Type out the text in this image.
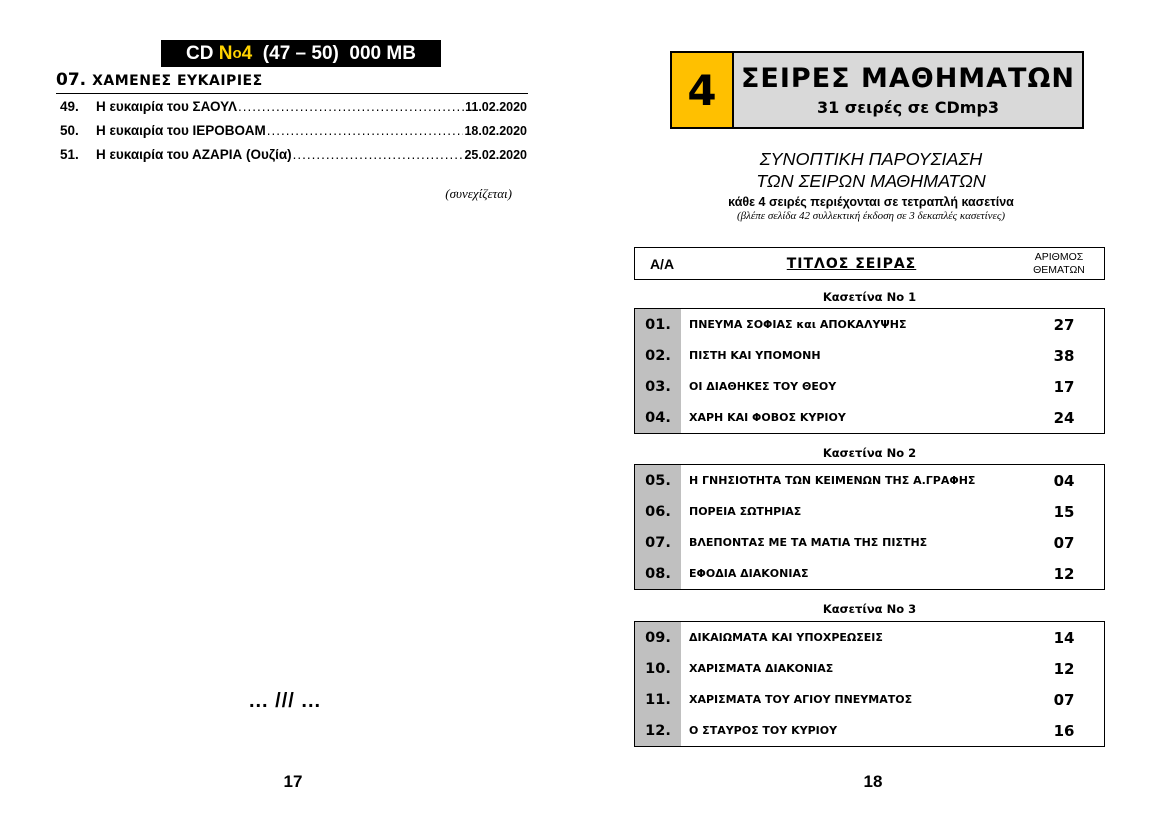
CD N o 4 (47 – 50)  000 MB
07. ΧΑΜΕΝΕΣ ΕΥΚΑΙΡΙΕΣ
49.	Η ευκαιρία του ΣΑΟΥΛ .....	11.02.2020
50.	Η ευκαιρία του ΙΕΡΟΒΟΑΜ .....	18.02.2020
51.	Η ευκαιρία του ΑΖΑΡΙΑ (Ουζία) .....	25.02.2020
(συνεχίζεται)
... /// ...
17
4 ΣΕΙΡΕΣ ΜΑΘΗΜΑΤΩΝ
31 σειρές σε CDmp3
ΣΥΝΟΠΤΙΚΗ ΠΑΡΟΥΣΙΑΣΗ
ΤΩΝ ΣΕΙΡΩΝ ΜΑΘΗΜΑΤΩΝ
κάθε 4 σειρές περιέχονται σε τετραπλή κασετίνα
(βλέπε σελίδα 42 συλλεκτική έκδοση σε 3 δεκαπλές κασετίνες)
Α/Α	ΤΙΤΛΟΣ ΣΕΙΡΑΣ	ΑΡΙΘΜΟΣ
ΘΕΜΑΤΩΝ
Κασετίνα Νο 1
01.	ΠΝΕΥΜΑ ΣΟΦΙΑΣ και ΑΠΟΚΑΛΥΨΗΣ	27
02.	ΠΙΣΤΗ ΚΑΙ ΥΠΟΜΟΝΗ	38
03.	ΟΙ ΔΙΑΘΗΚΕΣ ΤΟΥ ΘΕΟΥ	17
04.	ΧΑΡΗ ΚΑΙ ΦΟΒΟΣ ΚΥΡΙΟΥ	24
Κασετίνα Νο 2
05.	Η ΓΝΗΣΙΟΤΗΤΑ ΤΩΝ ΚΕΙΜΕΝΩΝ ΤΗΣ Α.ΓΡΑΦΗΣ	04
06.	ΠΟΡΕΙΑ ΣΩΤΗΡΙΑΣ	15
07.	ΒΛΕΠΟΝΤΑΣ ΜΕ ΤΑ ΜΑΤΙΑ ΤΗΣ ΠΙΣΤΗΣ	07
08.	ΕΦΟΔΙΑ ΔΙΑΚΟΝΙΑΣ	12
Κασετίνα Νο 3
09.	ΔΙΚΑΙΩΜΑΤΑ ΚΑΙ ΥΠΟΧΡΕΩΣΕΙΣ	14
10.	ΧΑΡΙΣΜΑΤΑ ΔΙΑΚΟΝΙΑΣ	12
11.	ΧΑΡΙΣΜΑΤΑ ΤΟΥ ΑΓΙΟΥ ΠΝΕΥΜΑΤΟΣ	07
12.	Ο ΣΤΑΥΡΟΣ ΤΟΥ ΚΥΡΙΟΥ	16
18
